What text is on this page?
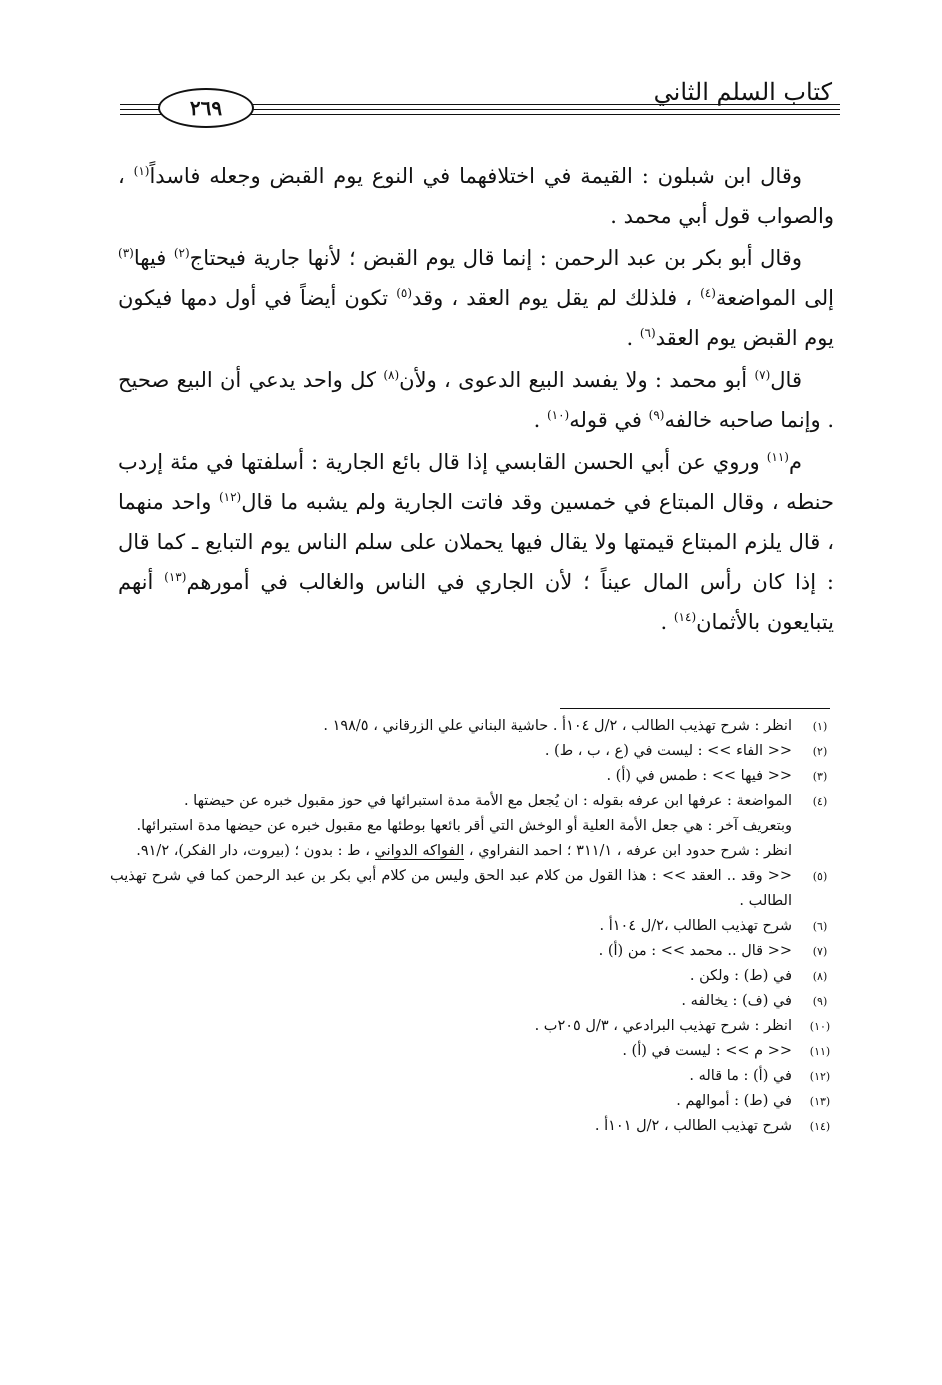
كتاب السلم الثاني
٢٦٩

وقال ابن شبلون : القيمة في اختلافهما في النوع يوم القبض وجعله فاسداً$^{(١)}$ ، والصواب قول أبي محمد .

وقال أبو بكر بن عبد الرحمن : إنما قال يوم القبض ؛ لأنها جارية فيحتاج$^{(٢)}$ فيها$^{(٣)}$ إلى المواضعة$^{(٤)}$ ، فلذلك لم يقل يوم العقد ، وقد$^{(٥)}$ تكون أيضاً في أول دمها فيكون يوم القبض يوم العقد$^{(٦)}$ .

قال$^{(٧)}$ أبو محمد : ولا يفسد البيع الدعوى ، ولأن$^{(٨)}$ كل واحد يدعي أن البيع صحيح . وإنما صاحبه خالفه$^{(٩)}$ في قوله$^{(١٠)}$ .

م$^{(١١)}$ وروي عن أبي الحسن القابسي إذا قال بائع الجارية : أسلفتها في مئة إردب حنطه ، وقال المبتاع في خمسين وقد فاتت الجارية ولم يشبه ما قال$^{(١٢)}$ واحد منهما ، قال يلزم المبتاع قيمتها ولا يقال فيها يحملان على سلم الناس يوم التبايع ـ كما قال : إذا كان رأس المال عيناً ؛ لأن الجاري في الناس والغالب في أمورهم$^{(١٣)}$ أنهم يتبايعون بالأثمان$^{(١٤)}$ .

(١)
انظر : شرح تهذيب الطالب ، ٢/ل ١٠٤أ . حاشية البناني علي الزرقاني ، ١٩٨/٥ .
(٢)
<< الفاء >> : ليست في (ع ، ب ، ط) .
(٣)
<< فيها >> : طمس في (أ) .
(٤)
المواضعة : عرفها ابن عرفه بقوله : ان يُجعل مع الأمة مدة استبرائها في حوز مقبول خبره عن حيضتها .
وبتعريف آخر : هي جعل الأمة العلية أو الوخش التي أقر بائعها بوطئها مع مقبول خبره عن حيضها مدة استبرائها.
انظر : شرح حدود ابن عرفه ، ٣١١/١ ؛ احمد النفراوي ، الفواكه الدواني ، ط : بدون ؛ (بيروت، دار الفكر)، ٩١/٢.
(٥)
<< وقد .. العقد >> : هذا القول من كلام عبد الحق وليس من كلام أبي بكر بن عبد الرحمن كما في شرح تهذيب الطالب .
(٦)
شرح تهذيب الطالب ،٢/ل ١٠٤أ .
(٧)
<< قال .. محمد >> : من (أ) .
(٨)
في (ط) : ولكن .
(٩)
في (ف) : يخالفه .
(١٠)
انظر : شرح تهذيب البرادعي ، ٣/ل ٢٠٥ب .
(١١)
<< م >> : ليست في (أ) .
(١٢)
في (أ) : ما قاله .
(١٣)
في (ط) : أموالهم .
(١٤)
شرح تهذيب الطالب ، ٢/ل ١٠١أ .
